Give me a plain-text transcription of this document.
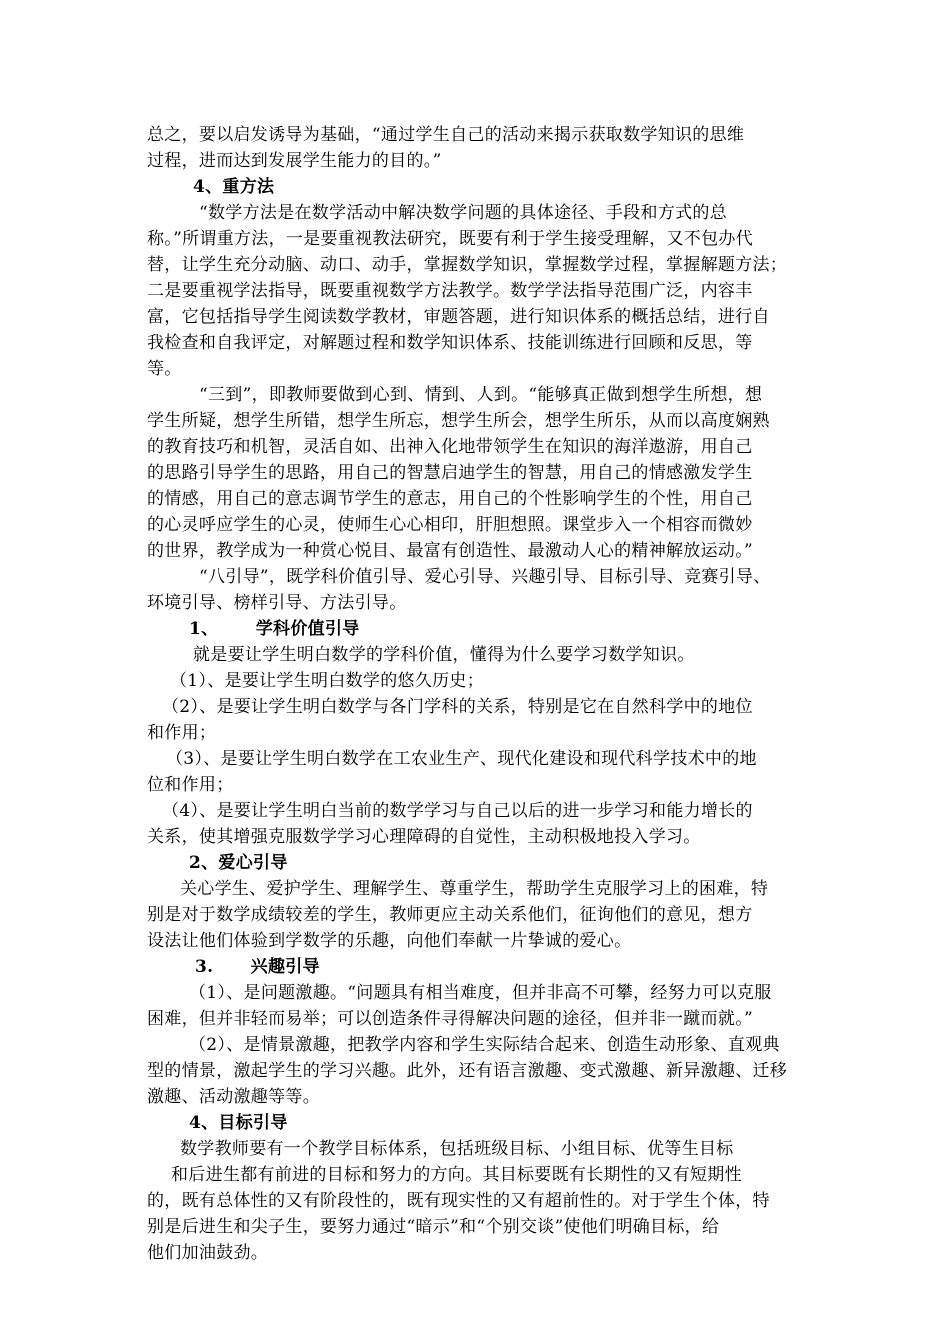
总之，要以启发诱导为基础，“通过学生自己的活动来揭示获取数学知识的思维
过程，进而达到发展学生能力的目的。”
4、重方法
“数学方法是在数学活动中解决数学问题的具体途径、手段和方式的总
称。”所谓重方法，一是要重视教法研究，既要有利于学生接受理解，又不包办代
替，让学生充分动脑、动口、动手，掌握数学知识，掌握数学过程，掌握解题方法；
二是要重视学法指导，既要重视数学方法教学。数学学法指导范围广泛，内容丰
富，它包括指导学生阅读数学教材，审题答题，进行知识体系的概括总结，进行自
我检查和自我评定，对解题过程和数学知识体系、技能训练进行回顾和反思，等
等。
“三到”，即教师要做到心到、情到、人到。“能够真正做到想学生所想，想
学生所疑，想学生所错，想学生所忘，想学生所会，想学生所乐，从而以高度娴熟
的教育技巧和机智，灵活自如、出神入化地带领学生在知识的海洋遨游，用自己
的思路引导学生的思路，用自己的智慧启迪学生的智慧，用自己的情感激发学生
的情感，用自己的意志调节学生的意志，用自己的个性影响学生的个性，用自己
的心灵呼应学生的心灵，使师生心心相印，肝胆想照。课堂步入一个相容而微妙
的世界，教学成为一种赏心悦目、最富有创造性、最激动人心的精神解放运动。”
“八引导”，既学科价值引导、爱心引导、兴趣引导、目标引导、竞赛引导、
环境引导、榜样引导、方法引导。
1、      学科价值引导
就是要让学生明白数学的学科价值，懂得为什么要学习数学知识。
（1）、是要让学生明白数学的悠久历史；
（2）、是要让学生明白数学与各门学科的关系，特别是它在自然科学中的地位
和作用；
（3）、是要让学生明白数学在工农业生产、现代化建设和现代科学技术中的地
位和作用；
（4）、是要让学生明白当前的数学学习与自己以后的进一步学习和能力增长的
关系，使其增强克服数学学习心理障碍的自觉性，主动积极地投入学习。
2、爱心引导
关心学生、爱护学生、理解学生、尊重学生，帮助学生克服学习上的困难，特
别是对于数学成绩较差的学生，教师更应主动关系他们，征询他们的意见，想方
设法让他们体验到学数学的乐趣，向他们奉献一片挚诚的爱心。
3.      兴趣引导
（1）、是问题激趣。“问题具有相当难度，但并非高不可攀，经努力可以克服
困难，但并非轻而易举；可以创造条件寻得解决问题的途径，但并非一蹴而就。”
（2）、是情景激趣，把教学内容和学生实际结合起来、创造生动形象、直观典
型的情景，激起学生的学习兴趣。此外，还有语言激趣、变式激趣、新异激趣、迁移
激趣、活动激趣等等。
4、目标引导
数学教师要有一个教学目标体系，包括班级目标、小组目标、优等生目标
和后进生都有前进的目标和努力的方向。其目标要既有长期性的又有短期性
的，既有总体性的又有阶段性的，既有现实性的又有超前性的。对于学生个体，特
别是后进生和尖子生，要努力通过“暗示”和“个别交谈”使他们明确目标，给
他们加油鼓劲。
